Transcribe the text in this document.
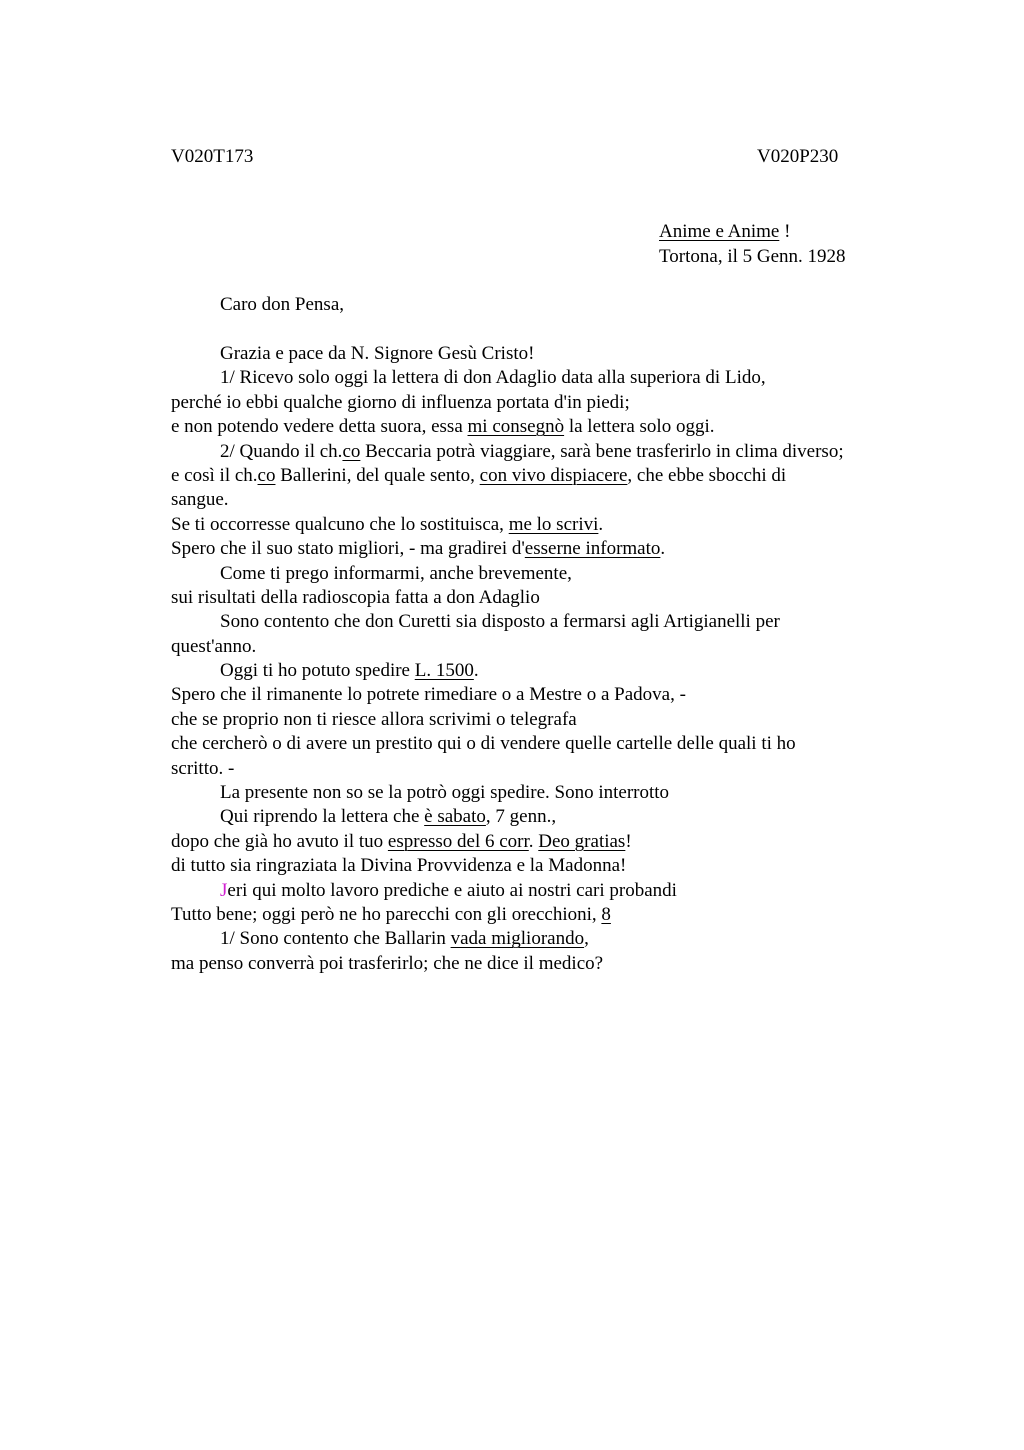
V020T173	V020P230
Anime e Anime !
Tortona, il 5 Genn. 1928
Caro don Pensa,
Grazia e pace da N. Signore Gesù Cristo!
1/ Ricevo solo oggi la lettera di don Adaglio data alla superiora di Lido,
perché io ebbi qualche giorno di influenza portata d'in piedi;
e non potendo vedere detta suora, essa mi consegnò la lettera solo oggi.
2/ Quando il ch.co Beccaria potrà viaggiare, sarà bene trasferirlo in clima diverso;
e così il ch.co Ballerini, del quale sento, con vivo dispiacere, che ebbe sbocchi di
sangue.
Se ti occorresse qualcuno che lo sostituisca, me lo scrivi.
Spero che il suo stato migliori, - ma gradirei d'esserne informato.
Come ti prego informarmi, anche brevemente,
sui risultati della radioscopia fatta a don Adaglio
Sono contento che don Curetti sia disposto a fermarsi agli Artigianelli per
quest'anno.
Oggi ti ho potuto spedire L. 1500.
Spero che il rimanente lo potrete rimediare o a Mestre o a Padova, -
che se proprio non ti riesce allora scrivimi o telegrafa
che cercherò o di avere un prestito qui o di vendere quelle cartelle delle quali ti ho
scritto. -
La presente non so se la potrò oggi spedire. Sono interrotto
Qui riprendo la lettera che è sabato, 7 genn.,
dopo che già ho avuto il tuo espresso del 6 corr. Deo gratias!
di tutto sia ringraziata la Divina Provvidenza e la Madonna!
Jeri qui molto lavoro prediche e aiuto ai nostri cari probandi
Tutto bene; oggi però ne ho parecchi con gli orecchioni, 8
1/ Sono contento che Ballarin vada migliorando,
ma penso converrà poi trasferirlo; che ne dice il medico?
